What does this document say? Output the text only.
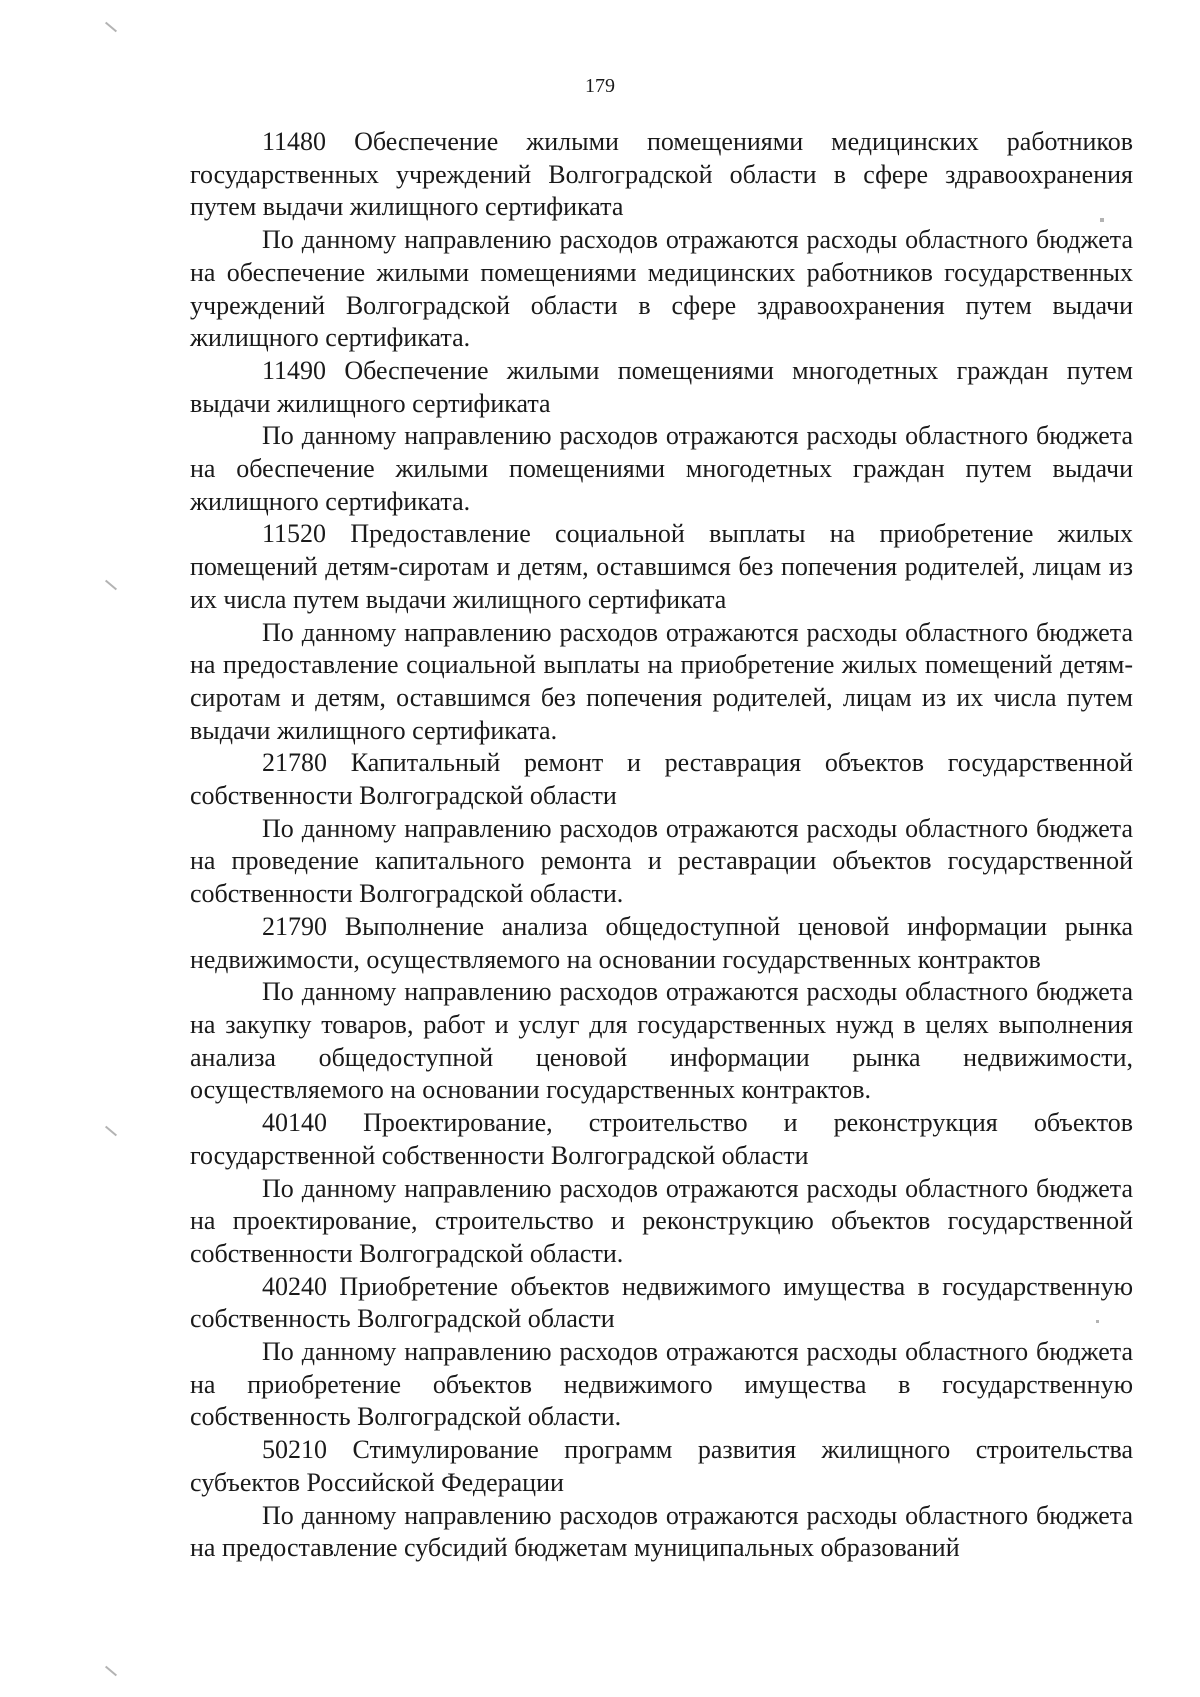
179

11480 Обеспечение жилыми помещениями медицинских работников государственных учреждений Волгоградской области в сфере здравоохранения путем выдачи жилищного сертификата

По данному направлению расходов отражаются расходы областного бюджета на обеспечение жилыми помещениями медицинских работников государственных учреждений Волгоградской области в сфере здравоохранения путем выдачи жилищного сертификата.

11490 Обеспечение жилыми помещениями многодетных граждан путем выдачи жилищного сертификата

По данному направлению расходов отражаются расходы областного бюджета на обеспечение жилыми помещениями многодетных граждан путем выдачи жилищного сертификата.

11520 Предоставление социальной выплаты на приобретение жилых помещений детям-сиротам и детям, оставшимся без попечения родителей, лицам из их числа путем выдачи жилищного сертификата

По данному направлению расходов отражаются расходы областного бюджета на предоставление социальной выплаты на приобретение жилых помещений детям-сиротам и детям, оставшимся без попечения родителей, лицам из их числа путем выдачи жилищного сертификата.

21780 Капитальный ремонт и реставрация объектов государственной собственности Волгоградской области

По данному направлению расходов отражаются расходы областного бюджета на проведение капитального ремонта и реставрации объектов государственной собственности Волгоградской области.

21790 Выполнение анализа общедоступной ценовой информации рынка недвижимости, осуществляемого на основании государственных контрактов

По данному направлению расходов отражаются расходы областного бюджета на закупку товаров, работ и услуг для государственных нужд в целях выполнения анализа общедоступной ценовой информации рынка недвижимости, осуществляемого на основании государственных контрактов.

40140 Проектирование, строительство и реконструкция объектов государственной собственности Волгоградской области

По данному направлению расходов отражаются расходы областного бюджета на проектирование, строительство и реконструкцию объектов государственной собственности Волгоградской области.

40240 Приобретение объектов недвижимого имущества в государственную собственность Волгоградской области

По данному направлению расходов отражаются расходы областного бюджета на приобретение объектов недвижимого имущества в государственную собственность Волгоградской области.

50210 Стимулирование программ развития жилищного строительства субъектов Российской Федерации

По данному направлению расходов отражаются расходы областного бюджета на предоставление субсидий бюджетам муниципальных образований
